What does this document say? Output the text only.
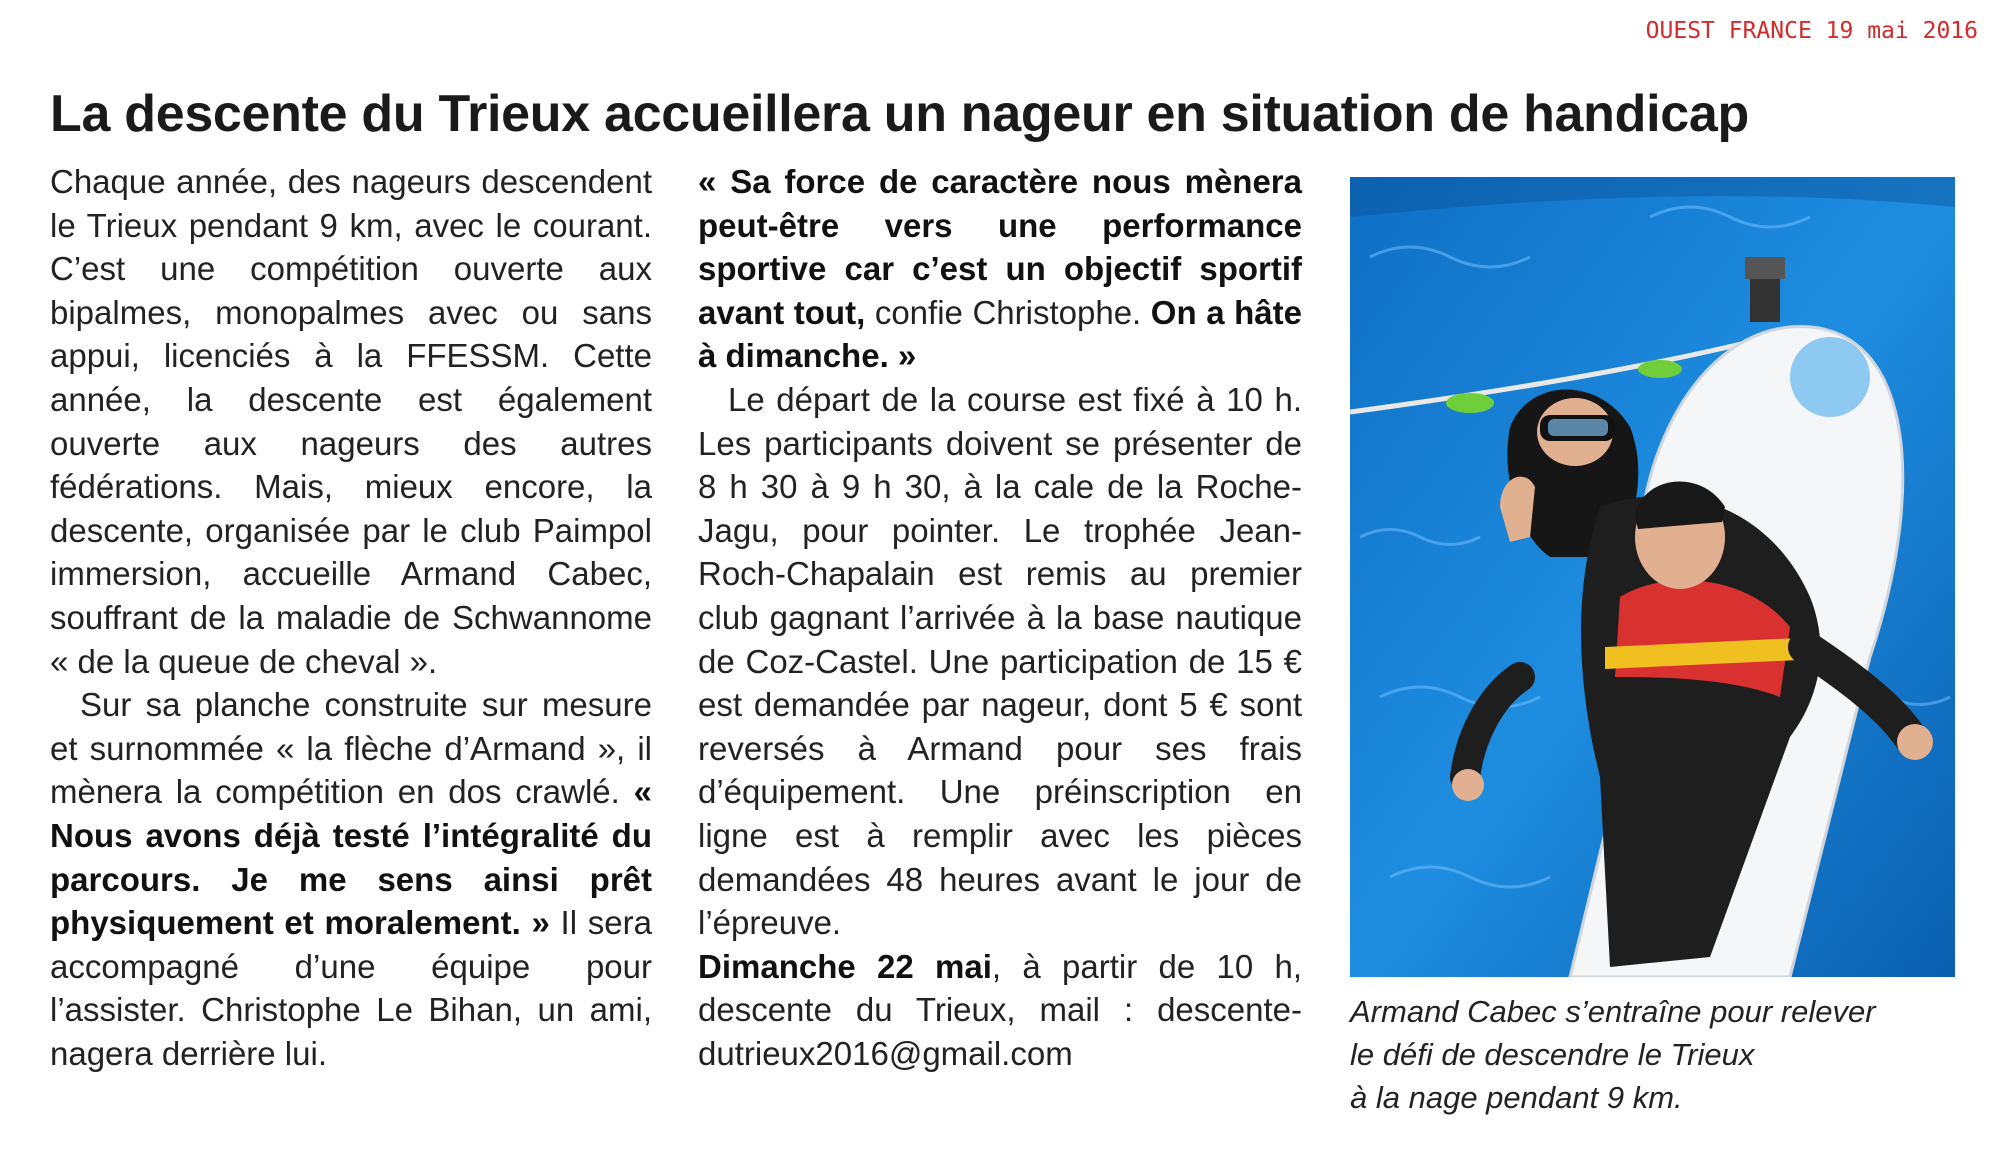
OUEST FRANCE 19 mai 2016
La descente du Trieux accueillera un nageur en situation de handicap

Chaque année, des nageurs descendent le Trieux pendant 9 km, avec le courant. C’est une compétition ouverte aux bipalmes, monopalmes avec ou sans appui, licenciés à la FFESSM. Cette année, la descente est également ouverte aux nageurs des autres fédérations. Mais, mieux encore, la descente, organisée par le club Paimpol immersion, accueille Armand Cabec, souffrant de la maladie de Schwannome « de la queue de cheval ».

Sur sa planche construite sur mesure et surnommée « la flèche d’Armand », il mènera la compétition en dos crawlé. « Nous avons déjà testé l’intégralité du parcours. Je me sens ainsi prêt physiquement et moralement. » Il sera accompagné d’une équipe pour l’assister. Christophe Le Bihan, un ami, nagera derrière lui.

« Sa force de caractère nous mènera peut-être vers une performance sportive car c’est un objectif sportif avant tout, confie Christophe. On a hâte à dimanche. »

Le départ de la course est fixé à 10 h. Les participants doivent se présenter de 8 h 30 à 9 h 30, à la cale de la Roche-Jagu, pour pointer. Le trophée Jean-Roch-Chapalain est remis au premier club gagnant l’arrivée à la base nautique de Coz-Castel. Une participation de 15 € est demandée par nageur, dont 5 € sont reversés à Armand pour ses frais d’équipement. Une préinscription en ligne est à remplir avec les pièces demandées 48 heures avant le jour de l’épreuve.

Dimanche 22 mai, à partir de 10 h, descente du Trieux, mail : descente-dutrieux2016@gmail.com

Armand Cabec s’entraîne pour relever
le défi de descendre le Trieux
à la nage pendant 9 km.
